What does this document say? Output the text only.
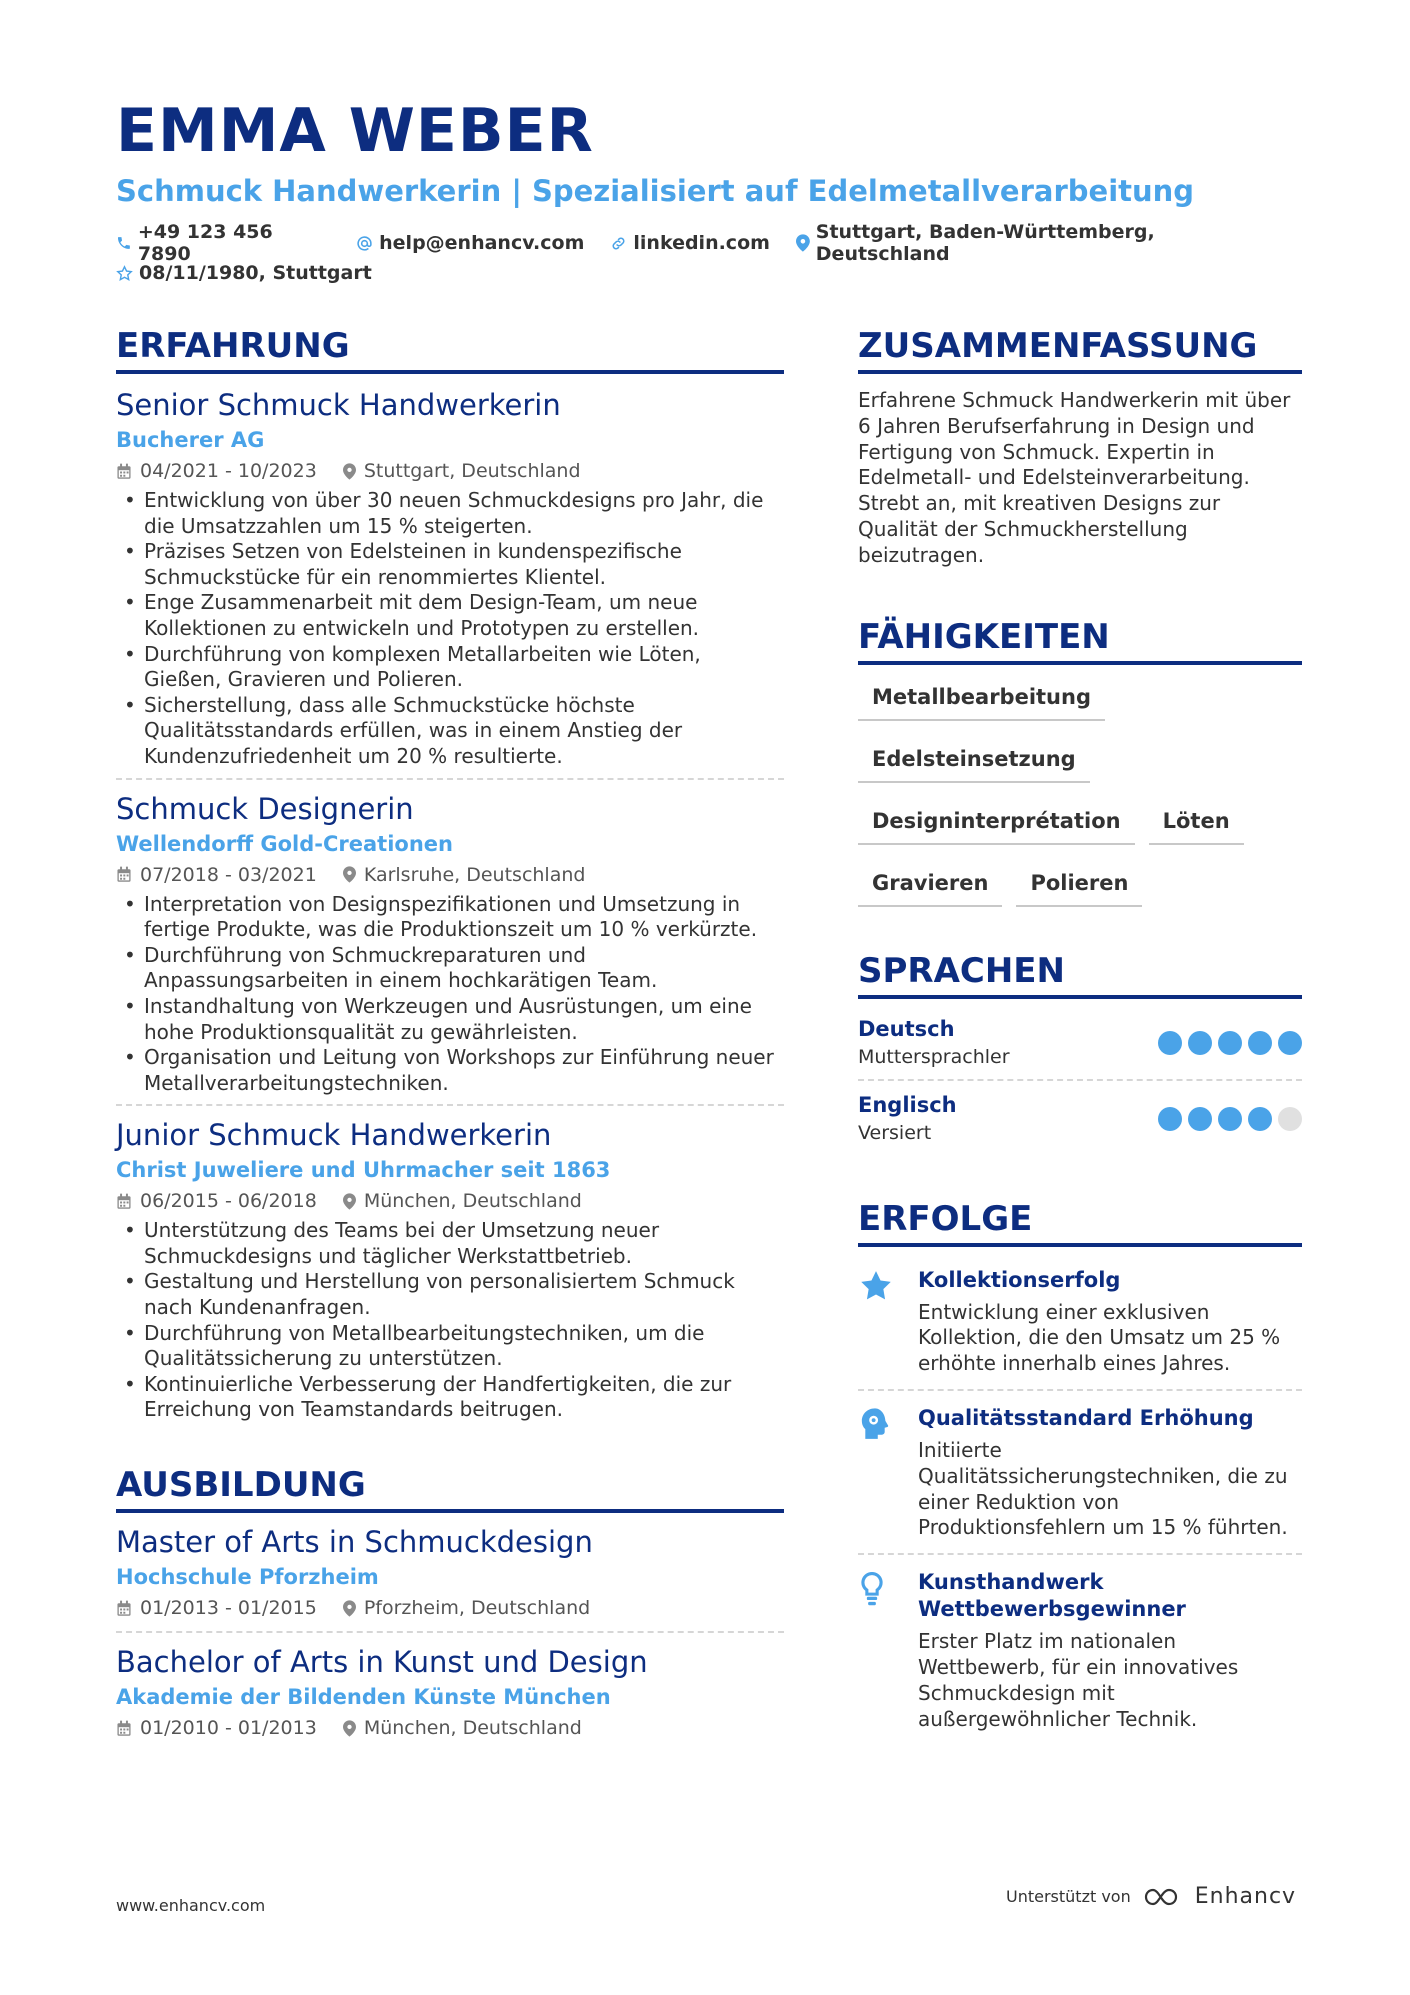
EMMA WEBER
Schmuck Handwerkerin | Spezialisiert auf Edelmetallverarbeitung
+49 123 456 7890	help@enhancv.com	linkedin.com Stuttgart, Baden-Württemberg, Deutschland
08/11/1980, Stuttgart
ERFAHRUNG
Senior Schmuck Handwerkerin
Bucherer AG
04/2021 - 10/2023 Stuttgart, Deutschland
• Entwicklung von über 30 neuen Schmuckdesigns pro Jahr, die die Umsatzzahlen um 15 % steigerten.
• Präzises Setzen von Edelsteinen in kundenspezifische Schmuckstücke für ein renommiertes Klientel.
• Enge Zusammenarbeit mit dem Design-Team, um neue Kollektionen zu entwickeln und Prototypen zu erstellen.
• Durchführung von komplexen Metallarbeiten wie Löten, Gießen, Gravieren und Polieren.
• Sicherstellung, dass alle Schmuckstücke höchste Qualitätsstandards erfüllen, was in einem Anstieg der Kundenzufriedenheit um 20 % resultierte.
Schmuck Designerin
Wellendorff Gold-Creationen
07/2018 - 03/2021 Karlsruhe, Deutschland
• Interpretation von Designspezifikationen und Umsetzung in fertige Produkte, was die Produktionszeit um 10 % verkürzte.
• Durchführung von Schmuckreparaturen und Anpassungsarbeiten in einem hochkarätigen Team.
• Instandhaltung von Werkzeugen und Ausrüstungen, um eine hohe Produktionsqualität zu gewährleisten.
• Organisation und Leitung von Workshops zur Einführung neuer Metallverarbeitungstechniken.
Junior Schmuck Handwerkerin
Christ Juweliere und Uhrmacher seit 1863
06/2015 - 06/2018 München, Deutschland
• Unterstützung des Teams bei der Umsetzung neuer Schmuckdesigns und täglicher Werkstattbetrieb.
• Gestaltung und Herstellung von personalisiertem Schmuck nach Kundenanfragen.
• Durchführung von Metallbearbeitungstechniken, um die Qualitätssicherung zu unterstützen.
• Kontinuierliche Verbesserung der Handfertigkeiten, die zur Erreichung von Teamstandards beitrugen.
AUSBILDUNG
Master of Arts in Schmuckdesign
Hochschule Pforzheim
01/2013 - 01/2015 Pforzheim, Deutschland
Bachelor of Arts in Kunst und Design
Akademie der Bildenden Künste München
01/2010 - 01/2013 München, Deutschland
ZUSAMMENFASSUNG
Erfahrene Schmuck Handwerkerin mit über 6 Jahren Berufserfahrung in Design und Fertigung von Schmuck. Expertin in Edelmetall- und Edelsteinverarbeitung. Strebt an, mit kreativen Designs zur Qualität der Schmuckherstellung beizutragen.
FÄHIGKEITEN
Metallbearbeitung
Edelsteinsetzung
Designinterprétation	Löten
Gravieren	Polieren
SPRACHEN
Deutsch
Muttersprachler
Englisch
Versiert
ERFOLGE
Kollektionserfolg
Entwicklung einer exklusiven Kollektion, die den Umsatz um 25 % erhöhte innerhalb eines Jahres.
Qualitätsstandard Erhöhung
Initiierte Qualitätssicherungstechniken, die zu einer Reduktion von Produktionsfehlern um 15 % führten.
Kunsthandwerk Wettbewerbsgewinner
Erster Platz im nationalen Wettbewerb, für ein innovatives Schmuckdesign mit außergewöhnlicher Technik.
www.enhancv.com	Unterstützt von	Enhancv
